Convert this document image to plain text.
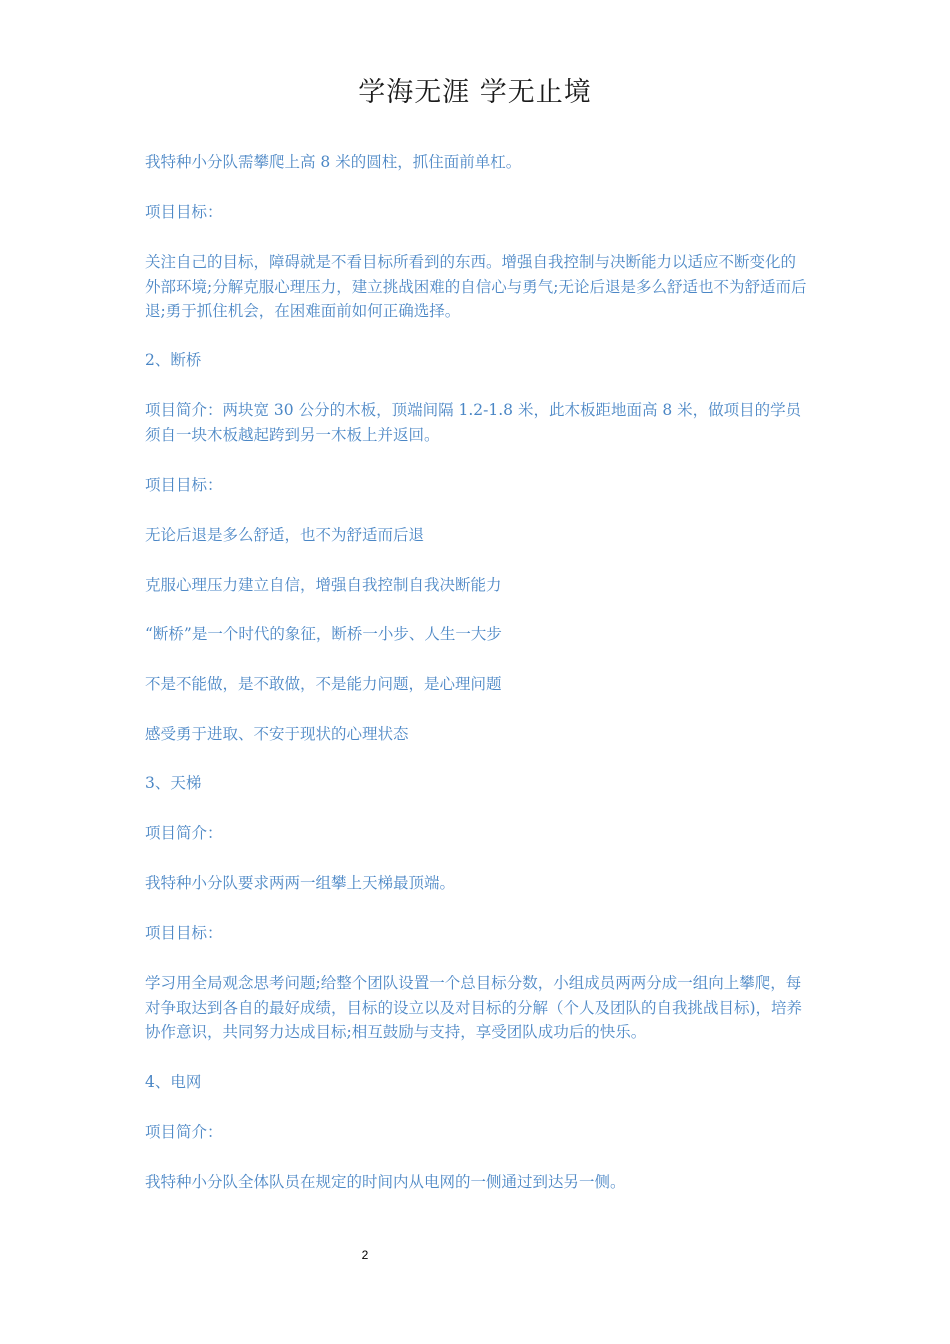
学海无涯 学无止境

我特种小分队需攀爬上高 8 米的圆柱，抓住面前单杠。

项目目标：

关注自己的目标，障碍就是不看目标所看到的东西。增强自我控制与决断能力以适应不断变化的外部环境;分解克服心理压力，建立挑战困难的自信心与勇气;无论后退是多么舒适也不为舒适而后退;勇于抓住机会，在困难面前如何正确选择。

2、断桥

项目简介：两块宽 30 公分的木板，顶端间隔 1.2-1.8 米，此木板距地面高 8 米，做项目的学员须自一块木板越起跨到另一木板上并返回。

项目目标：

无论后退是多么舒适，也不为舒适而后退

克服心理压力建立自信，增强自我控制自我决断能力

“断桥”是一个时代的象征，断桥一小步、人生一大步

不是不能做，是不敢做，不是能力问题，是心理问题

感受勇于进取、不安于现状的心理状态

3、天梯

项目简介：

我特种小分队要求两两一组攀上天梯最顶端。

项目目标：

学习用全局观念思考问题;给整个团队设置一个总目标分数，小组成员两两分成一组向上攀爬，每对争取达到各自的最好成绩，目标的设立以及对目标的分解（个人及团队的自我挑战目标)，培养协作意识，共同努力达成目标;相互鼓励与支持，享受团队成功后的快乐。

4、电网

项目简介：

我特种小分队全体队员在规定的时间内从电网的一侧通过到达另一侧。

2
